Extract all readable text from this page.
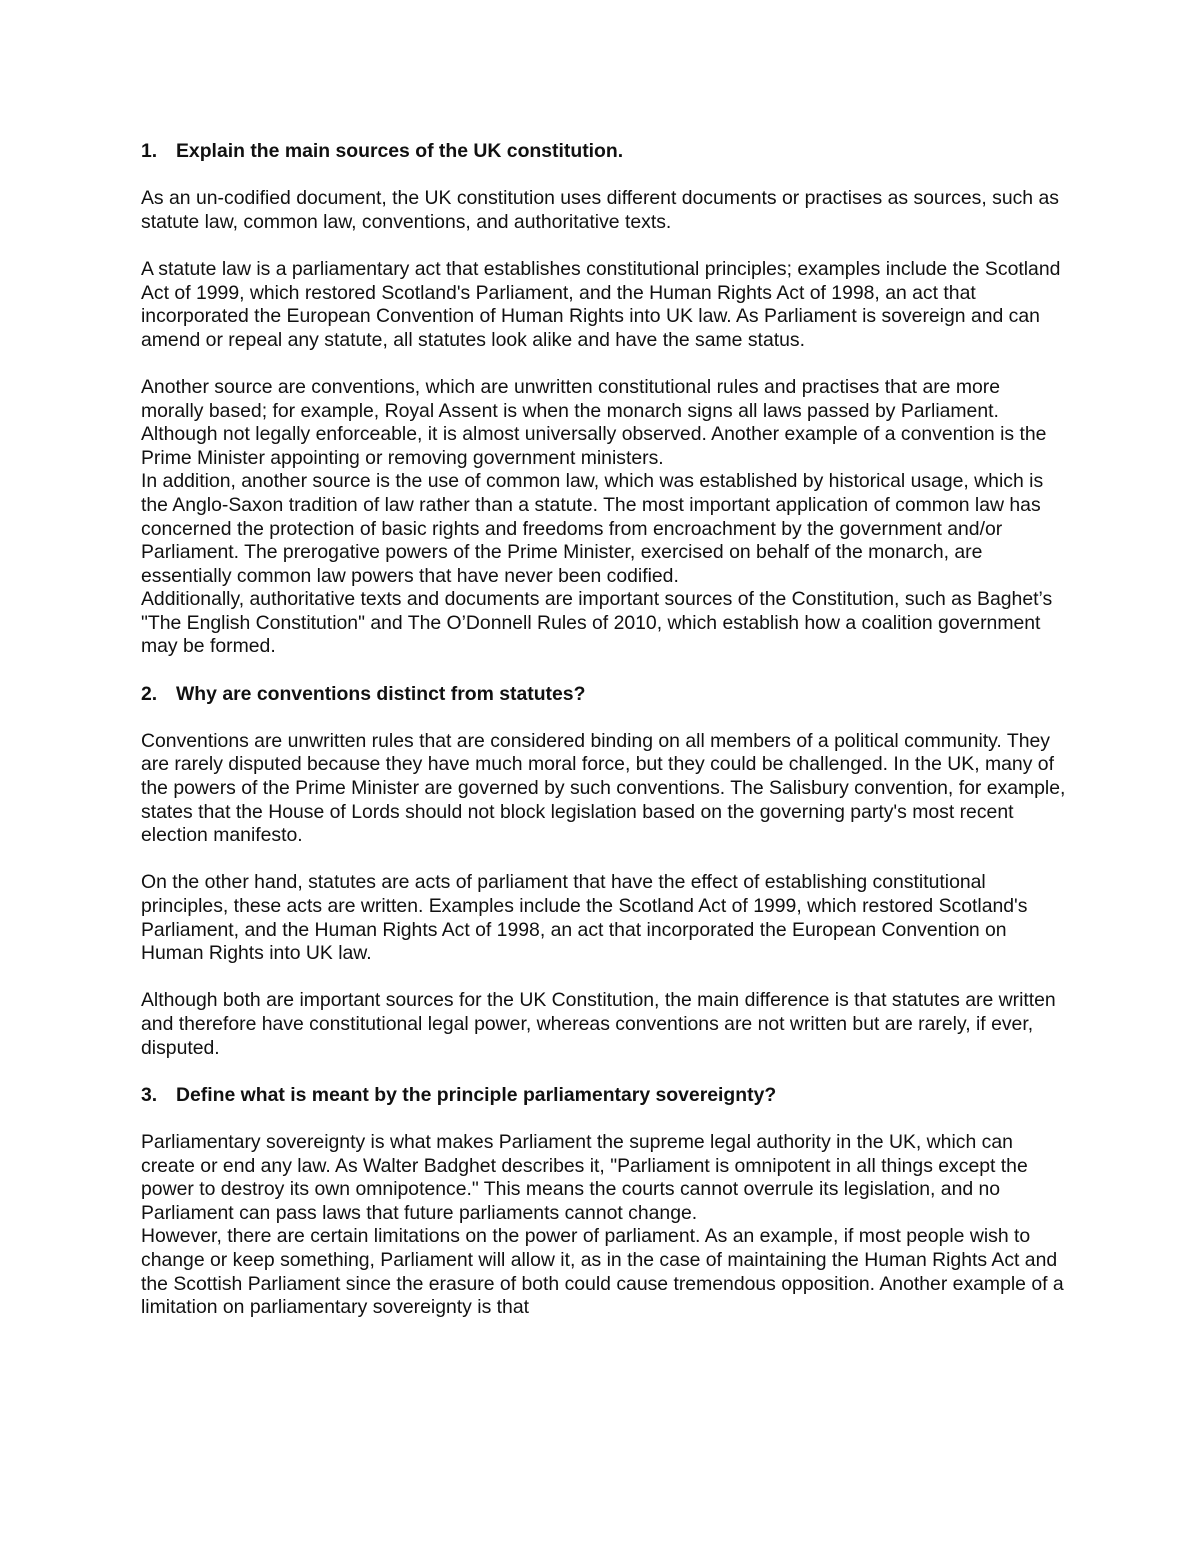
1. Explain the main sources of the UK constitution.

As an un-codified document, the UK constitution uses different documents or practises as sources, such as statute law, common law, conventions, and authoritative texts.

A statute law is a parliamentary act that establishes constitutional principles; examples include the Scotland Act of 1999, which restored Scotland's Parliament, and the Human Rights Act of 1998, an act that incorporated the European Convention of Human Rights into UK law. As Parliament is sovereign and can amend or repeal any statute, all statutes look alike and have the same status.

Another source are conventions, which are unwritten constitutional rules and practises that are more morally based; for example, Royal Assent is when the monarch signs all laws passed by Parliament. Although not legally enforceable, it is almost universally observed. Another example of a convention is the Prime Minister appointing or removing government ministers.

In addition, another source is the use of common law, which was established by historical usage, which is the Anglo-Saxon tradition of law rather than a statute. The most important application of common law has concerned the protection of basic rights and freedoms from encroachment by the government and/or Parliament. The prerogative powers of the Prime Minister, exercised on behalf of the monarch, are essentially common law powers that have never been codified.

Additionally, authoritative texts and documents are important sources of the Constitution, such as Baghet’s "The English Constitution" and The O’Donnell Rules of 2010, which establish how a coalition government may be formed.

2. Why are conventions distinct from statutes?

Conventions are unwritten rules that are considered binding on all members of a political community. They are rarely disputed because they have much moral force, but they could be challenged. In the UK, many of the powers of the Prime Minister are governed by such conventions. The Salisbury convention, for example, states that the House of Lords should not block legislation based on the governing party's most recent election manifesto.

On the other hand, statutes are acts of parliament that have the effect of establishing constitutional principles, these acts are written. Examples include the Scotland Act of 1999, which restored Scotland's Parliament, and the Human Rights Act of 1998, an act that incorporated the European Convention on Human Rights into UK law.

Although both are important sources for the UK Constitution, the main difference is that statutes are written and therefore have constitutional legal power, whereas conventions are not written but are rarely, if ever, disputed.

3. Define what is meant by the principle parliamentary sovereignty?

Parliamentary sovereignty is what makes Parliament the supreme legal authority in the UK, which can create or end any law. As Walter Badghet describes it, "Parliament is omnipotent in all things except the power to destroy its own omnipotence." This means the courts cannot overrule its legislation, and no Parliament can pass laws that future parliaments cannot change.

However, there are certain limitations on the power of parliament. As an example, if most people wish to change or keep something, Parliament will allow it, as in the case of maintaining the Human Rights Act and the Scottish Parliament since the erasure of both could cause tremendous opposition. Another example of a limitation on parliamentary sovereignty is that
